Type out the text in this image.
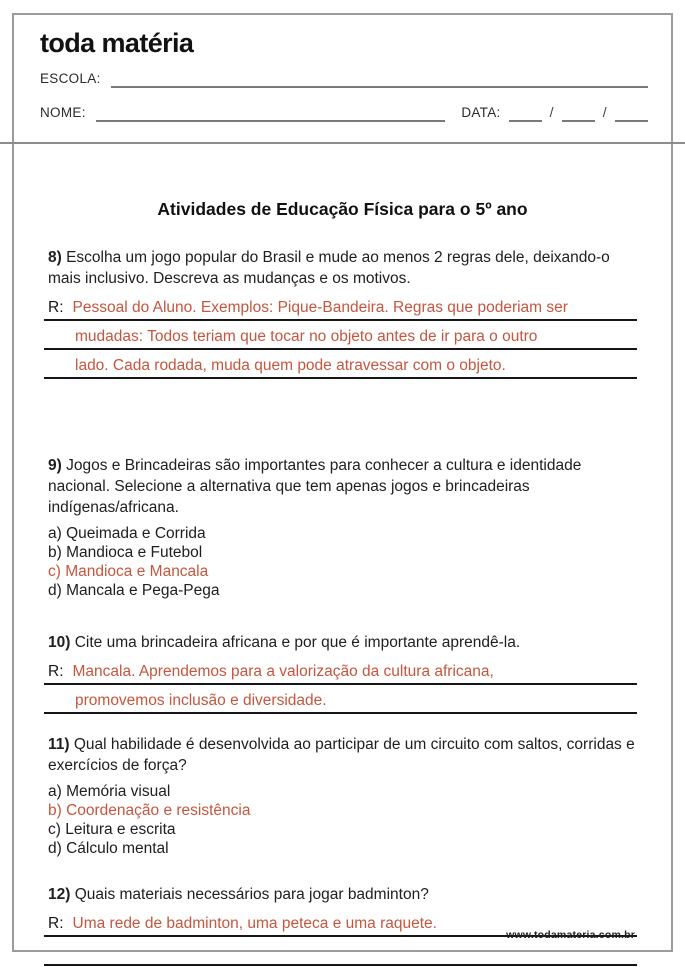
toda matéria
ESCOLA:
NOME:	DATA:	/	/
Atividades de Educação Física para o 5º ano

8) Escolha um jogo popular do Brasil e mude ao menos 2 regras dele, deixando-o mais inclusivo. Descreva as mudanças e os motivos.

R: Pessoal do Aluno. Exemplos: Pique-Bandeira. Regras que poderiam ser
mudadas: Todos teriam que tocar no objeto antes de ir para o outro
lado. Cada rodada, muda quem pode atravessar com o objeto.

9) Jogos e Brincadeiras são importantes para conhecer a cultura e identidade nacional. Selecione a alternativa que tem apenas jogos e brincadeiras indígenas/africana.

a) Queimada e Corrida
b) Mandioca e Futebol
c) Mandioca e Mancala
d) Mancala e Pega-Pega

10) Cite uma brincadeira africana e por que é importante aprendê-la.

R: Mancala. Aprendemos para a valorização da cultura africana,
promovemos inclusão e diversidade.

11) Qual habilidade é desenvolvida ao participar de um circuito com saltos, corridas e exercícios de força?

a) Memória visual
b) Coordenação e resistência
c) Leitura e escrita
d) Cálculo mental

12) Quais materiais necessários para jogar badminton?

R: Uma rede de badminton, uma peteca e uma raquete.
www.todamateria.com.br
